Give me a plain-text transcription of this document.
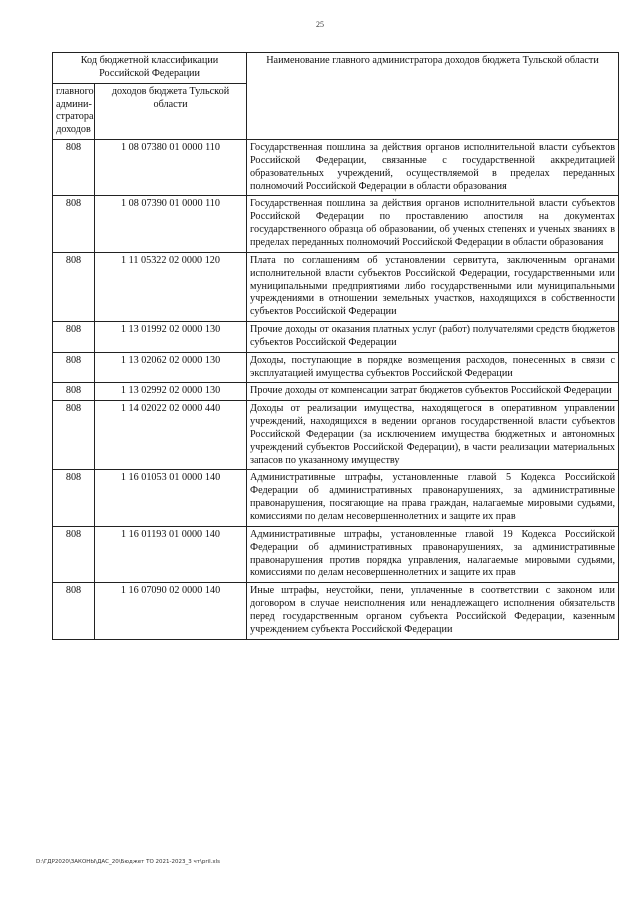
25
Код бюджетной классификации Российской Федерации		Наименование главного администратора доходов бюджета Тульской области
главного админи-стратора доходов	доходов бюджета Тульской области	
808	1 08 07380 01 0000 110	Государственная пошлина за действия органов исполнительной власти субъектов Российской Федерации, связанные с государственной аккредитацией образовательных учреждений, осуществляемой в пределах переданных полномочий Российской Федерации в области образования
808	1 08 07390 01 0000 110	Государственная пошлина за действия органов исполнительной власти субъектов Российской Федерации по проставлению апостиля на документах государственного образца об образовании, об ученых степенях и ученых званиях в пределах переданных полномочий Российской Федерации в области образования
808	1 11 05322 02 0000 120	Плата по соглашениям об установлении сервитута, заключенным органами исполнительной власти субъектов Российской Федерации, государственными или муниципальными предприятиями либо государственными или муниципальными учреждениями в отношении земельных участков, находящихся в собственности субъектов Российской Федерации
808	1 13 01992 02 0000 130	Прочие доходы от оказания платных услуг (работ) получателями средств бюджетов субъектов Российской Федерации
808	1 13 02062 02 0000 130	Доходы, поступающие в порядке возмещения расходов, понесенных в связи с эксплуатацией имущества субъектов Российской Федерации
808	1 13 02992 02 0000 130	Прочие доходы от компенсации затрат бюджетов субъектов Российской Федерации
808	1 14 02022 02 0000 440	Доходы от реализации имущества, находящегося в оперативном управлении учреждений, находящихся в ведении органов государственной власти субъектов Российской Федерации (за исключением имущества бюджетных и автономных учреждений субъектов Российской Федерации), в части реализации материальных запасов по указанному имуществу
808	1 16 01053 01 0000 140	Административные штрафы, установленные главой 5 Кодекса Российской Федерации об административных правонарушениях, за административные правонарушения, посягающие на права граждан, налагаемые мировыми судьями, комиссиями по делам несовершеннолетних и защите их прав
808	1 16 01193 01 0000 140	Административные штрафы, установленные главой 19 Кодекса Российской Федерации об административных правонарушениях, за административные правонарушения против порядка управления, налагаемые мировыми судьями, комиссиями по делам несовершеннолетних и защите их прав
808	1 16 07090 02 0000 140	Иные штрафы, неустойки, пени, уплаченные в соответствии с законом или договором в случае неисполнения или ненадлежащего исполнения обязательств перед государственным органом субъекта Российской Федерации, казенным учреждением субъекта Российской Федерации
D:\ГДР2020\ЗАКОНЫ\ДАС_20\Бюджет ТО 2021-2023_3 чт\pril.xls
